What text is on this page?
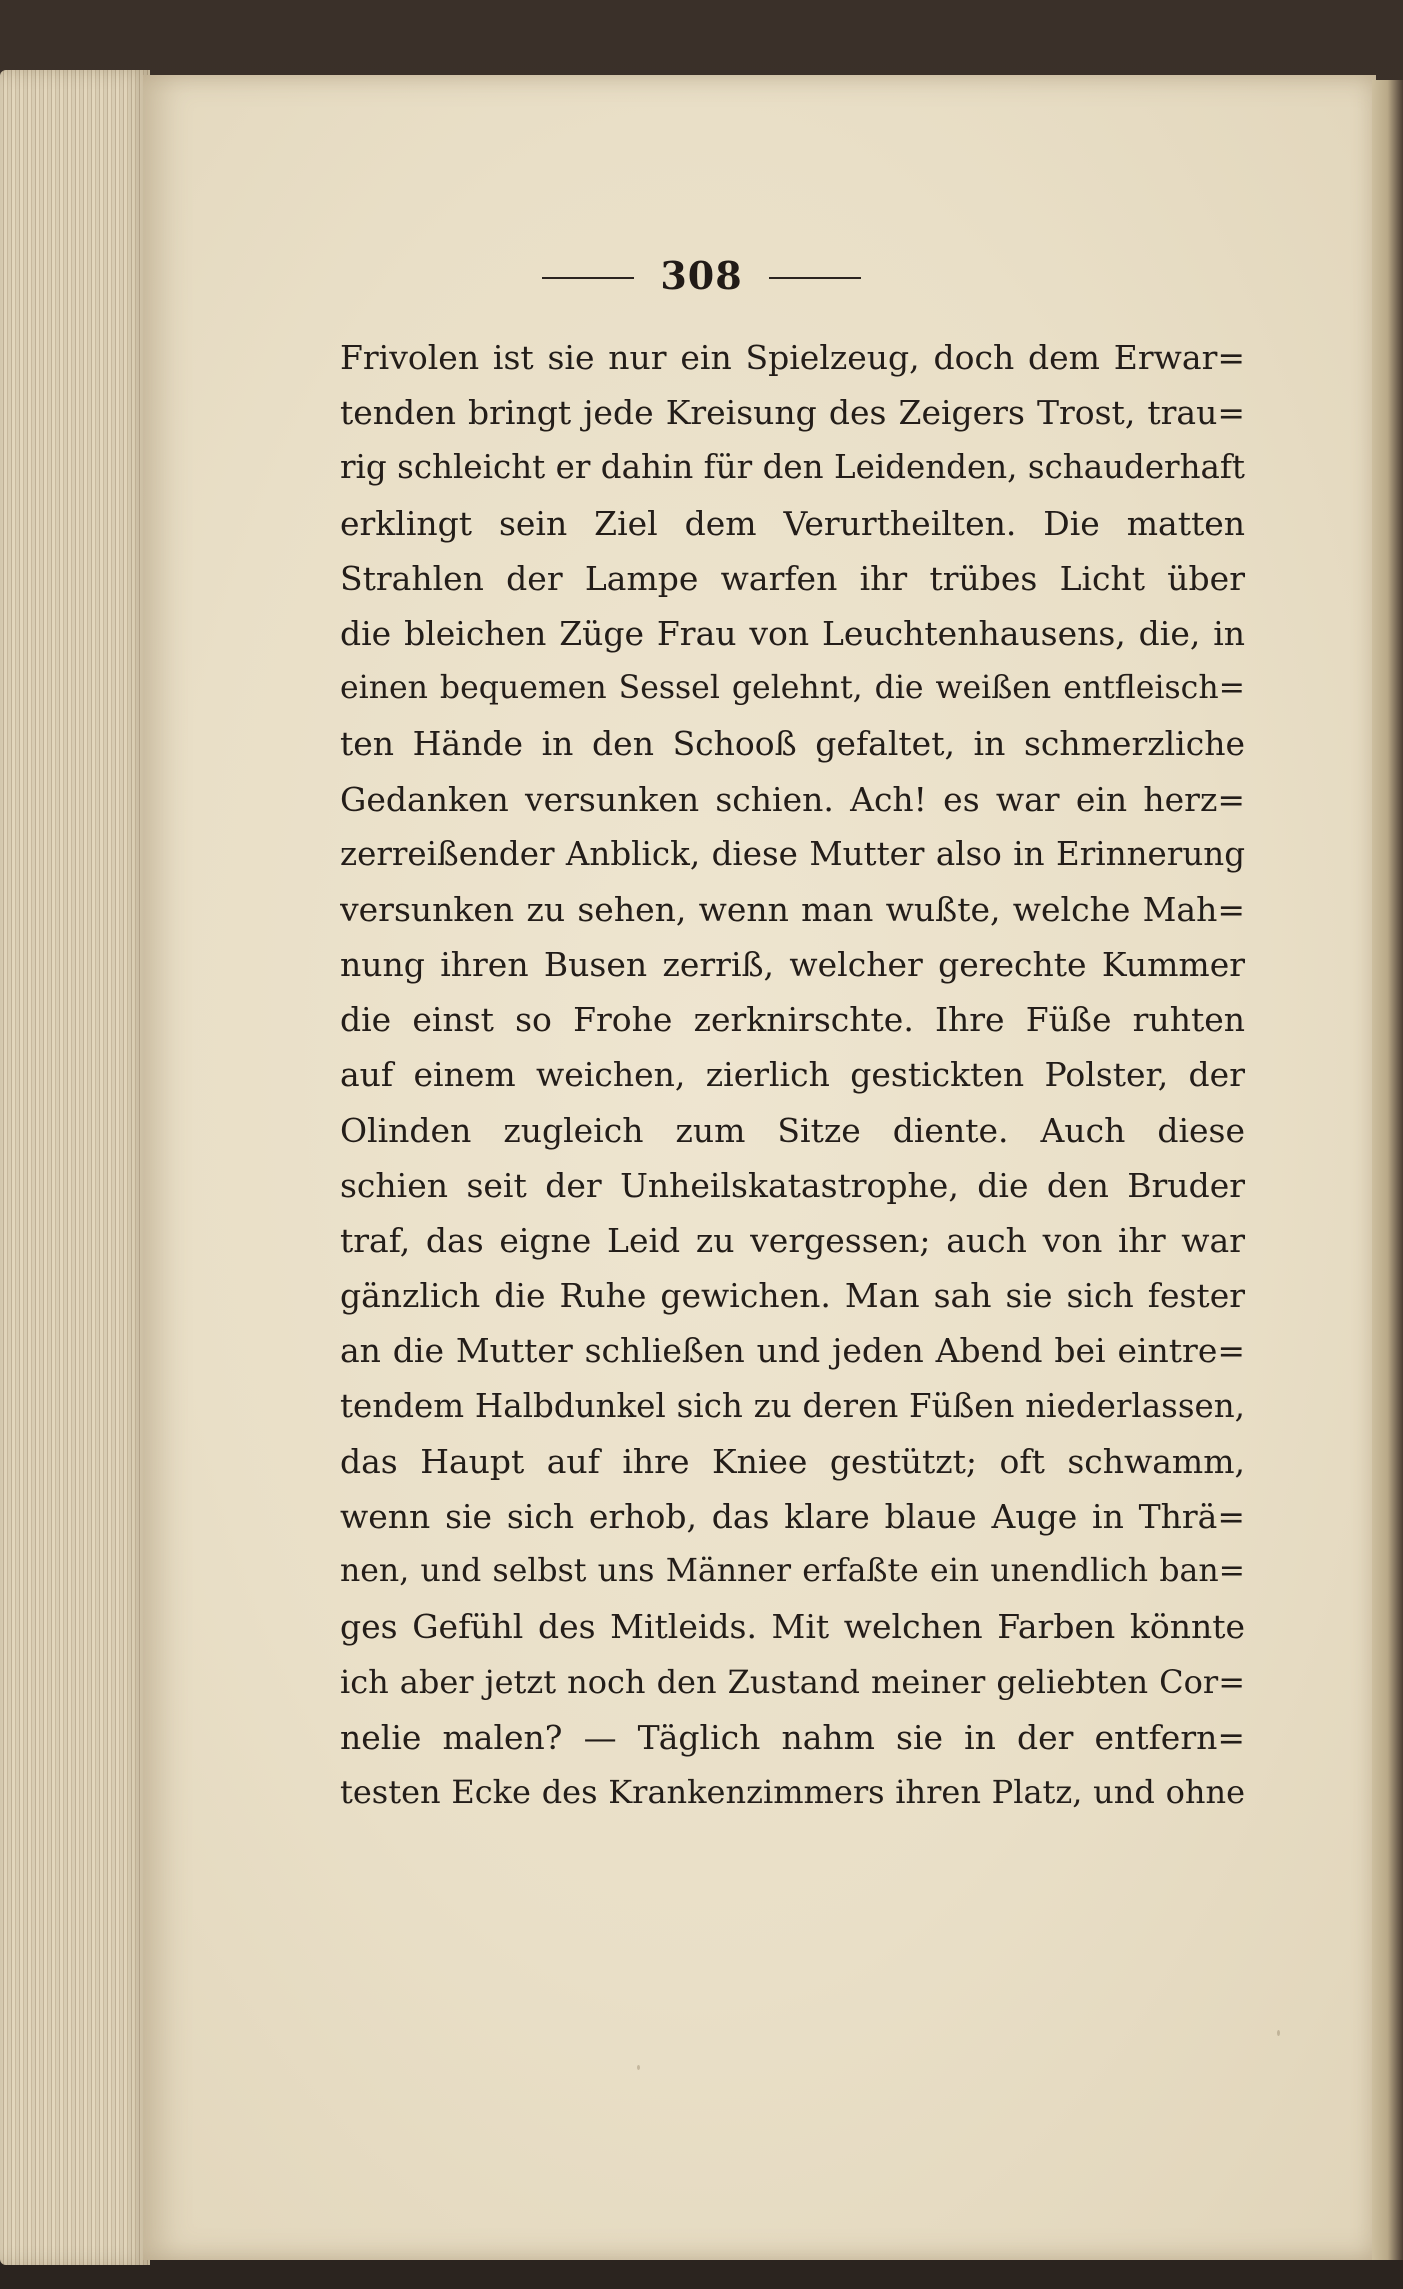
308
Frivolen ist sie nur ein Spielzeug, doch dem Erwar=
tenden bringt jede Kreisung des Zeigers Trost, trau=
rig schleicht er dahin für den Leidenden, schauderhaft
erklingt sein Ziel dem Verurtheilten. Die matten
Strahlen der Lampe warfen ihr trübes Licht über
die bleichen Züge Frau von Leuchtenhausens, die, in
einen bequemen Sessel gelehnt, die weißen entfleisch=
ten Hände in den Schooß gefaltet, in schmerzliche
Gedanken versunken schien. Ach! es war ein herz=
zerreißender Anblick, diese Mutter also in Erinnerung
versunken zu sehen, wenn man wußte, welche Mah=
nung ihren Busen zerriß, welcher gerechte Kummer
die einst so Frohe zerknirschte. Ihre Füße ruhten
auf einem weichen, zierlich gestickten Polster, der
Olinden zugleich zum Sitze diente. Auch diese
schien seit der Unheilskatastrophe, die den Bruder
traf, das eigne Leid zu vergessen; auch von ihr war
gänzlich die Ruhe gewichen. Man sah sie sich fester
an die Mutter schließen und jeden Abend bei eintre=
tendem Halbdunkel sich zu deren Füßen niederlassen,
das Haupt auf ihre Kniee gestützt; oft schwamm,
wenn sie sich erhob, das klare blaue Auge in Thrä=
nen, und selbst uns Männer erfaßte ein unendlich ban=
ges Gefühl des Mitleids. Mit welchen Farben könnte
ich aber jetzt noch den Zustand meiner geliebten Cor=
nelie malen? — Täglich nahm sie in der entfern=
testen Ecke des Krankenzimmers ihren Platz, und ohne
